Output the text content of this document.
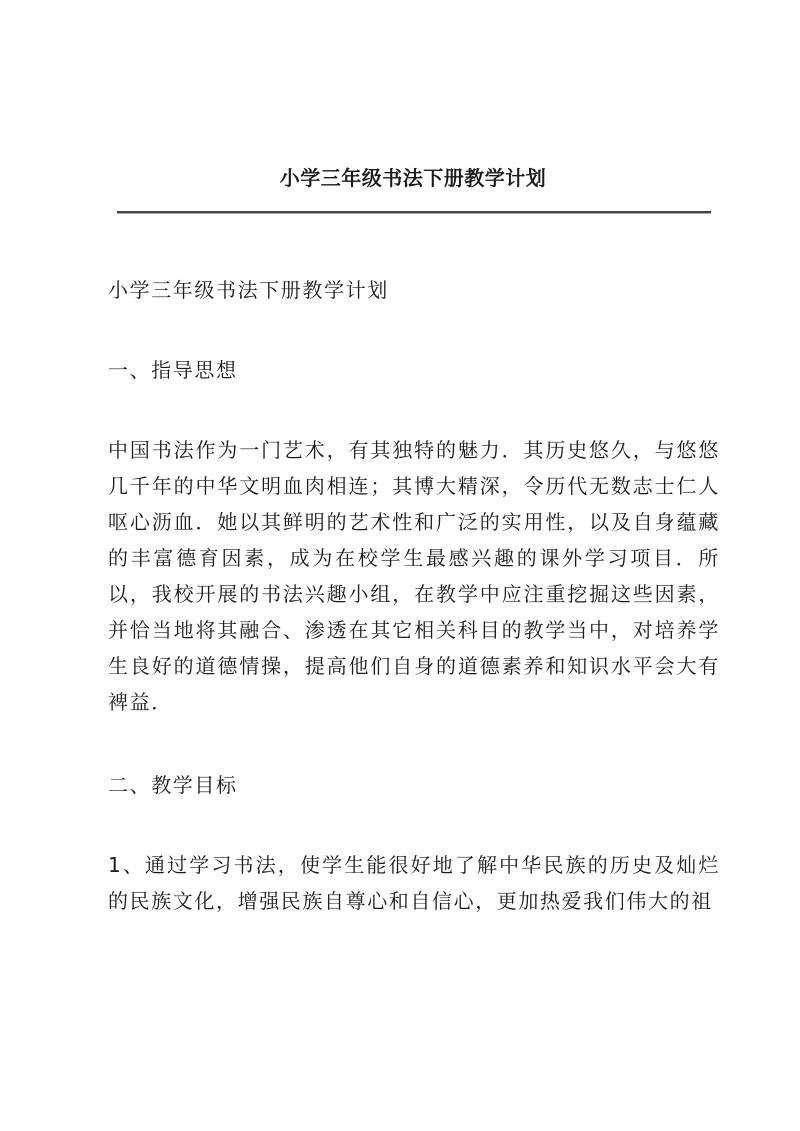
小学三年级书法下册教学计划

小学三年级书法下册教学计划

一、指导思想

中国书法作为一门艺术，有其独特的魅力．其历史悠久，与悠悠几千年的中华文明血肉相连；其博大精深，令历代无数志士仁人呕心沥血．她以其鲜明的艺术性和广泛的实用性，以及自身蕴藏的丰富德育因素，成为在校学生最感兴趣的课外学习项目．所以，我校开展的书法兴趣小组，在教学中应注重挖掘这些因素，并恰当地将其融合、渗透在其它相关科目的教学当中，对培养学生良好的道德情操，提高他们自身的道德素养和知识水平会大有裨益．

二、教学目标

1、通过学习书法，使学生能很好地了解中华民族的历史及灿烂的民族文化，增强民族自尊心和自信心，更加热爱我们伟大的祖
